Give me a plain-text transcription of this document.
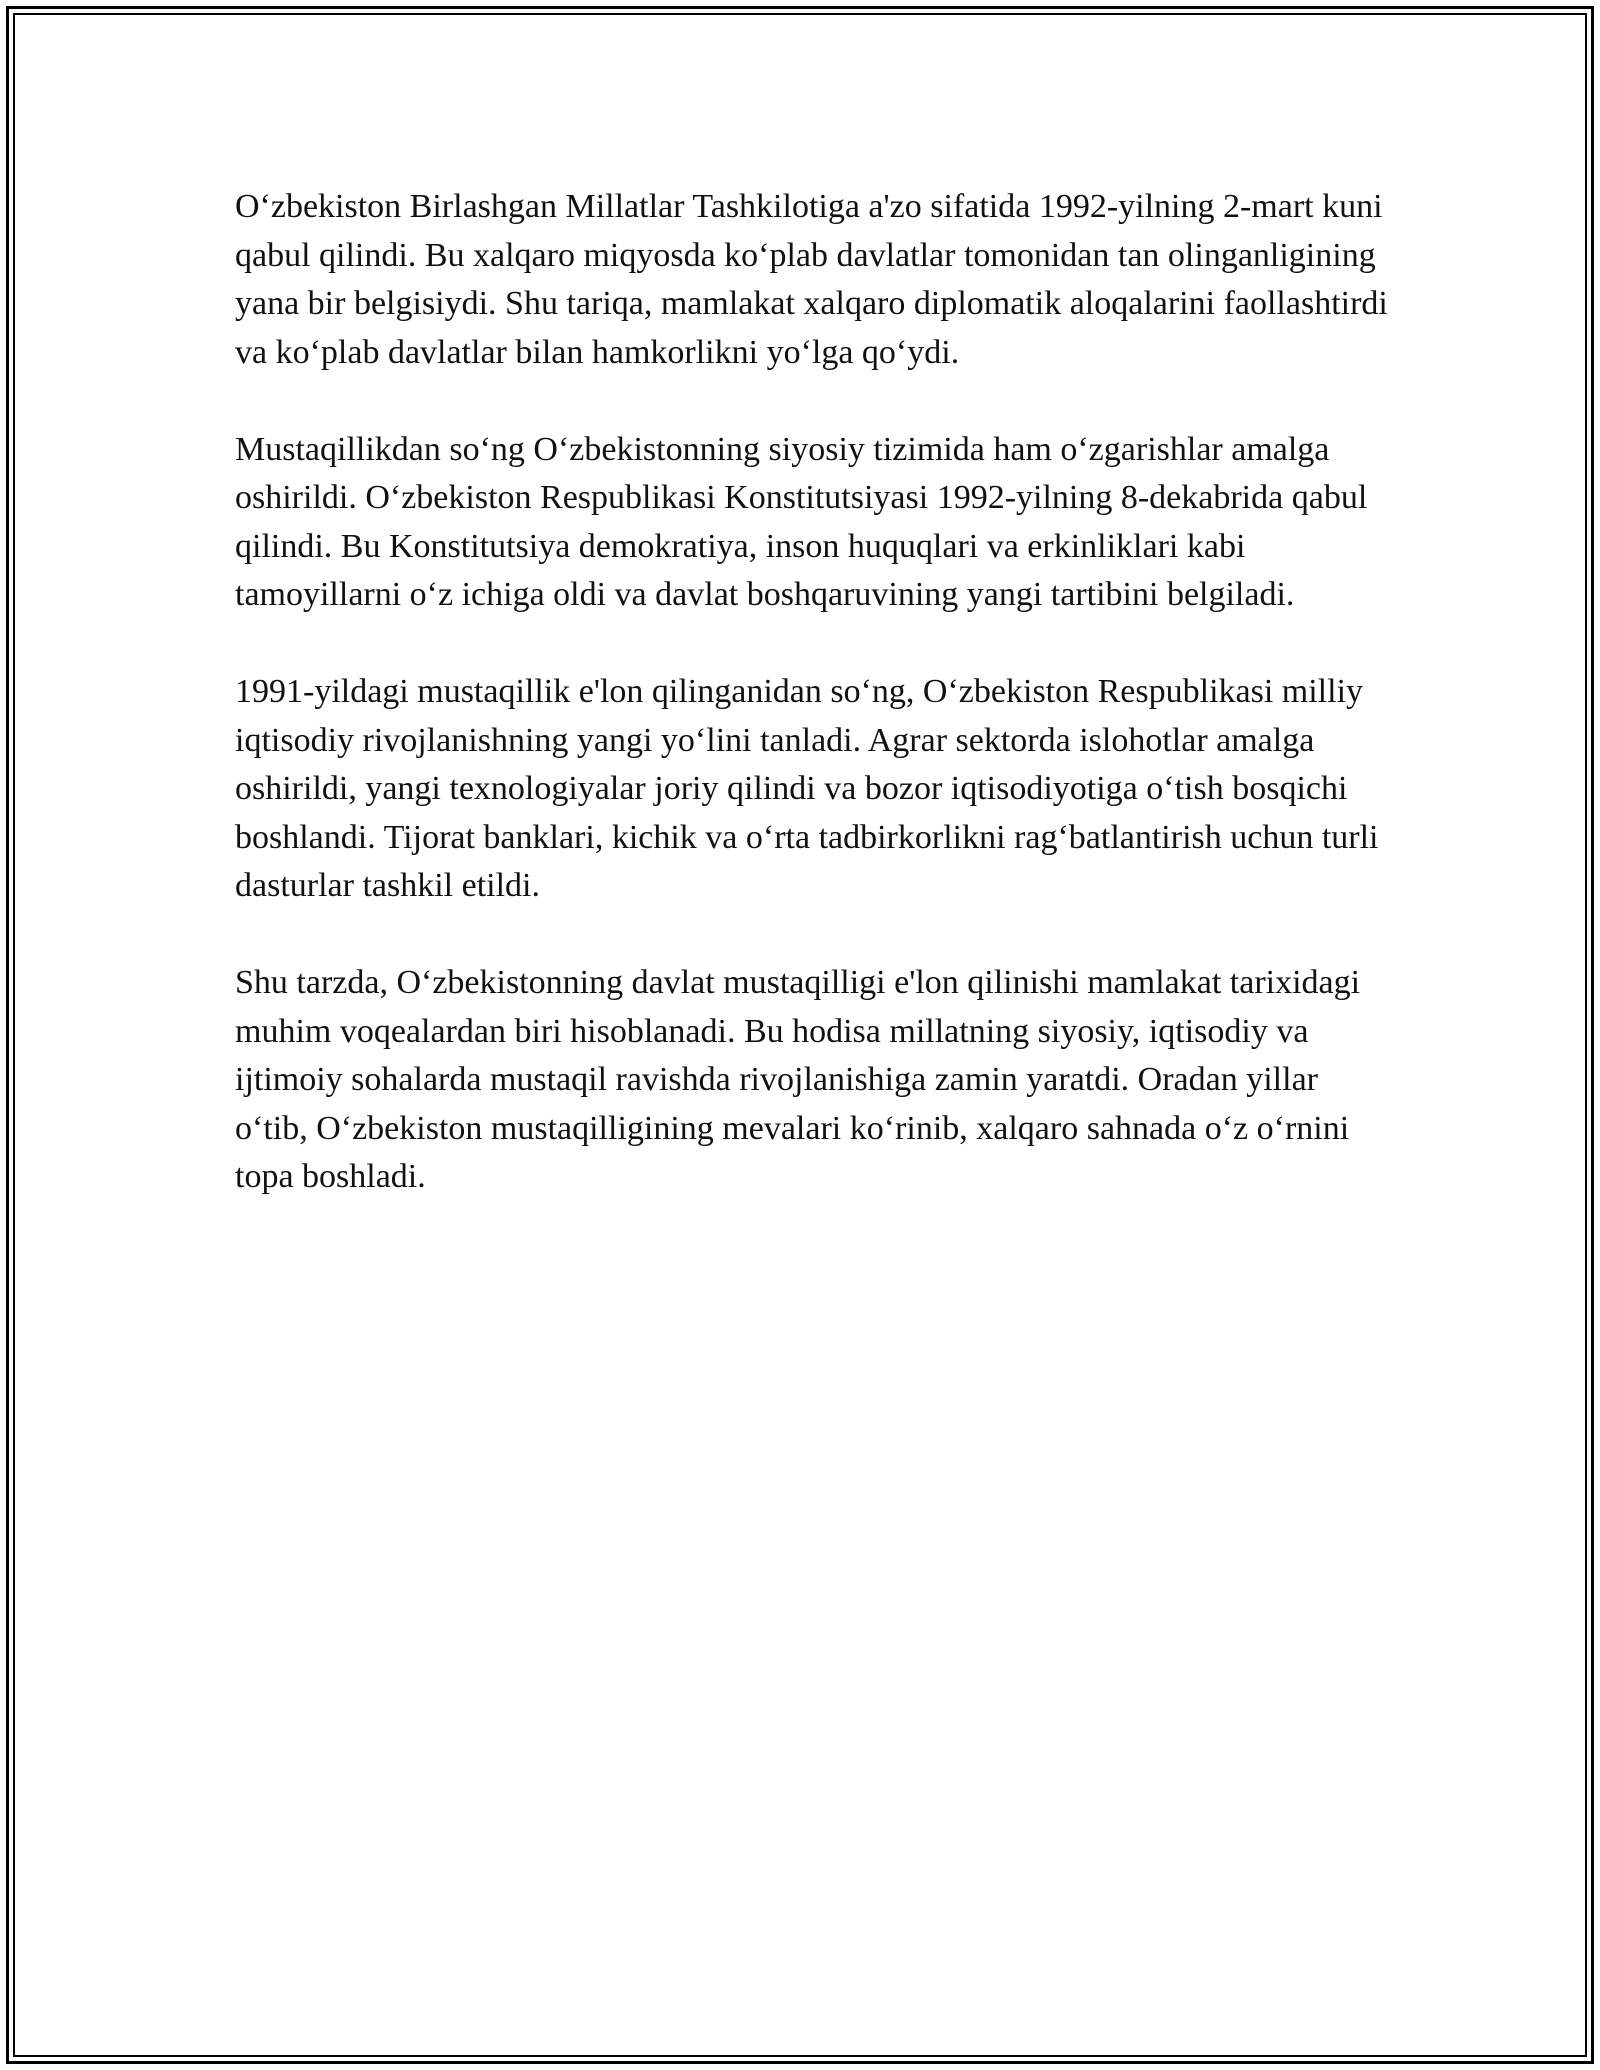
O‘zbekiston Birlashgan Millatlar Tashkilotiga a'zo sifatida 1992-yilning 2-mart kuni qabul qilindi. Bu xalqaro miqyosda ko‘plab davlatlar tomonidan tan olinganligining yana bir belgisiydi. Shu tariqa, mamlakat xalqaro diplomatik aloqalarini faollashtirdi va ko‘plab davlatlar bilan hamkorlikni yo‘lga qo‘ydi.

Mustaqillikdan so‘ng O‘zbekistonning siyosiy tizimida ham o‘zgarishlar amalga oshirildi. O‘zbekiston Respublikasi Konstitutsiyasi 1992-yilning 8-dekabrida qabul qilindi. Bu Konstitutsiya demokratiya, inson huquqlari va erkinliklari kabi tamoyillarni o‘z ichiga oldi va davlat boshqaruvining yangi tartibini belgiladi.

1991-yildagi mustaqillik e'lon qilinganidan so‘ng, O‘zbekiston Respublikasi milliy iqtisodiy rivojlanishning yangi yo‘lini tanladi. Agrar sektorda islohotlar amalga oshirildi, yangi texnologiyalar joriy qilindi va bozor iqtisodiyotiga o‘tish bosqichi boshlandi. Tijorat banklari, kichik va o‘rta tadbirkorlikni rag‘batlantirish uchun turli dasturlar tashkil etildi.

Shu tarzda, O‘zbekistonning davlat mustaqilligi e'lon qilinishi mamlakat tarixidagi muhim voqealardan biri hisoblanadi. Bu hodisa millatning siyosiy, iqtisodiy va ijtimoiy sohalarda mustaqil ravishda rivojlanishiga zamin yaratdi. Oradan yillar o‘tib, O‘zbekiston mustaqilligining mevalari ko‘rinib, xalqaro sahnada o‘z o‘rnini topa boshladi.
